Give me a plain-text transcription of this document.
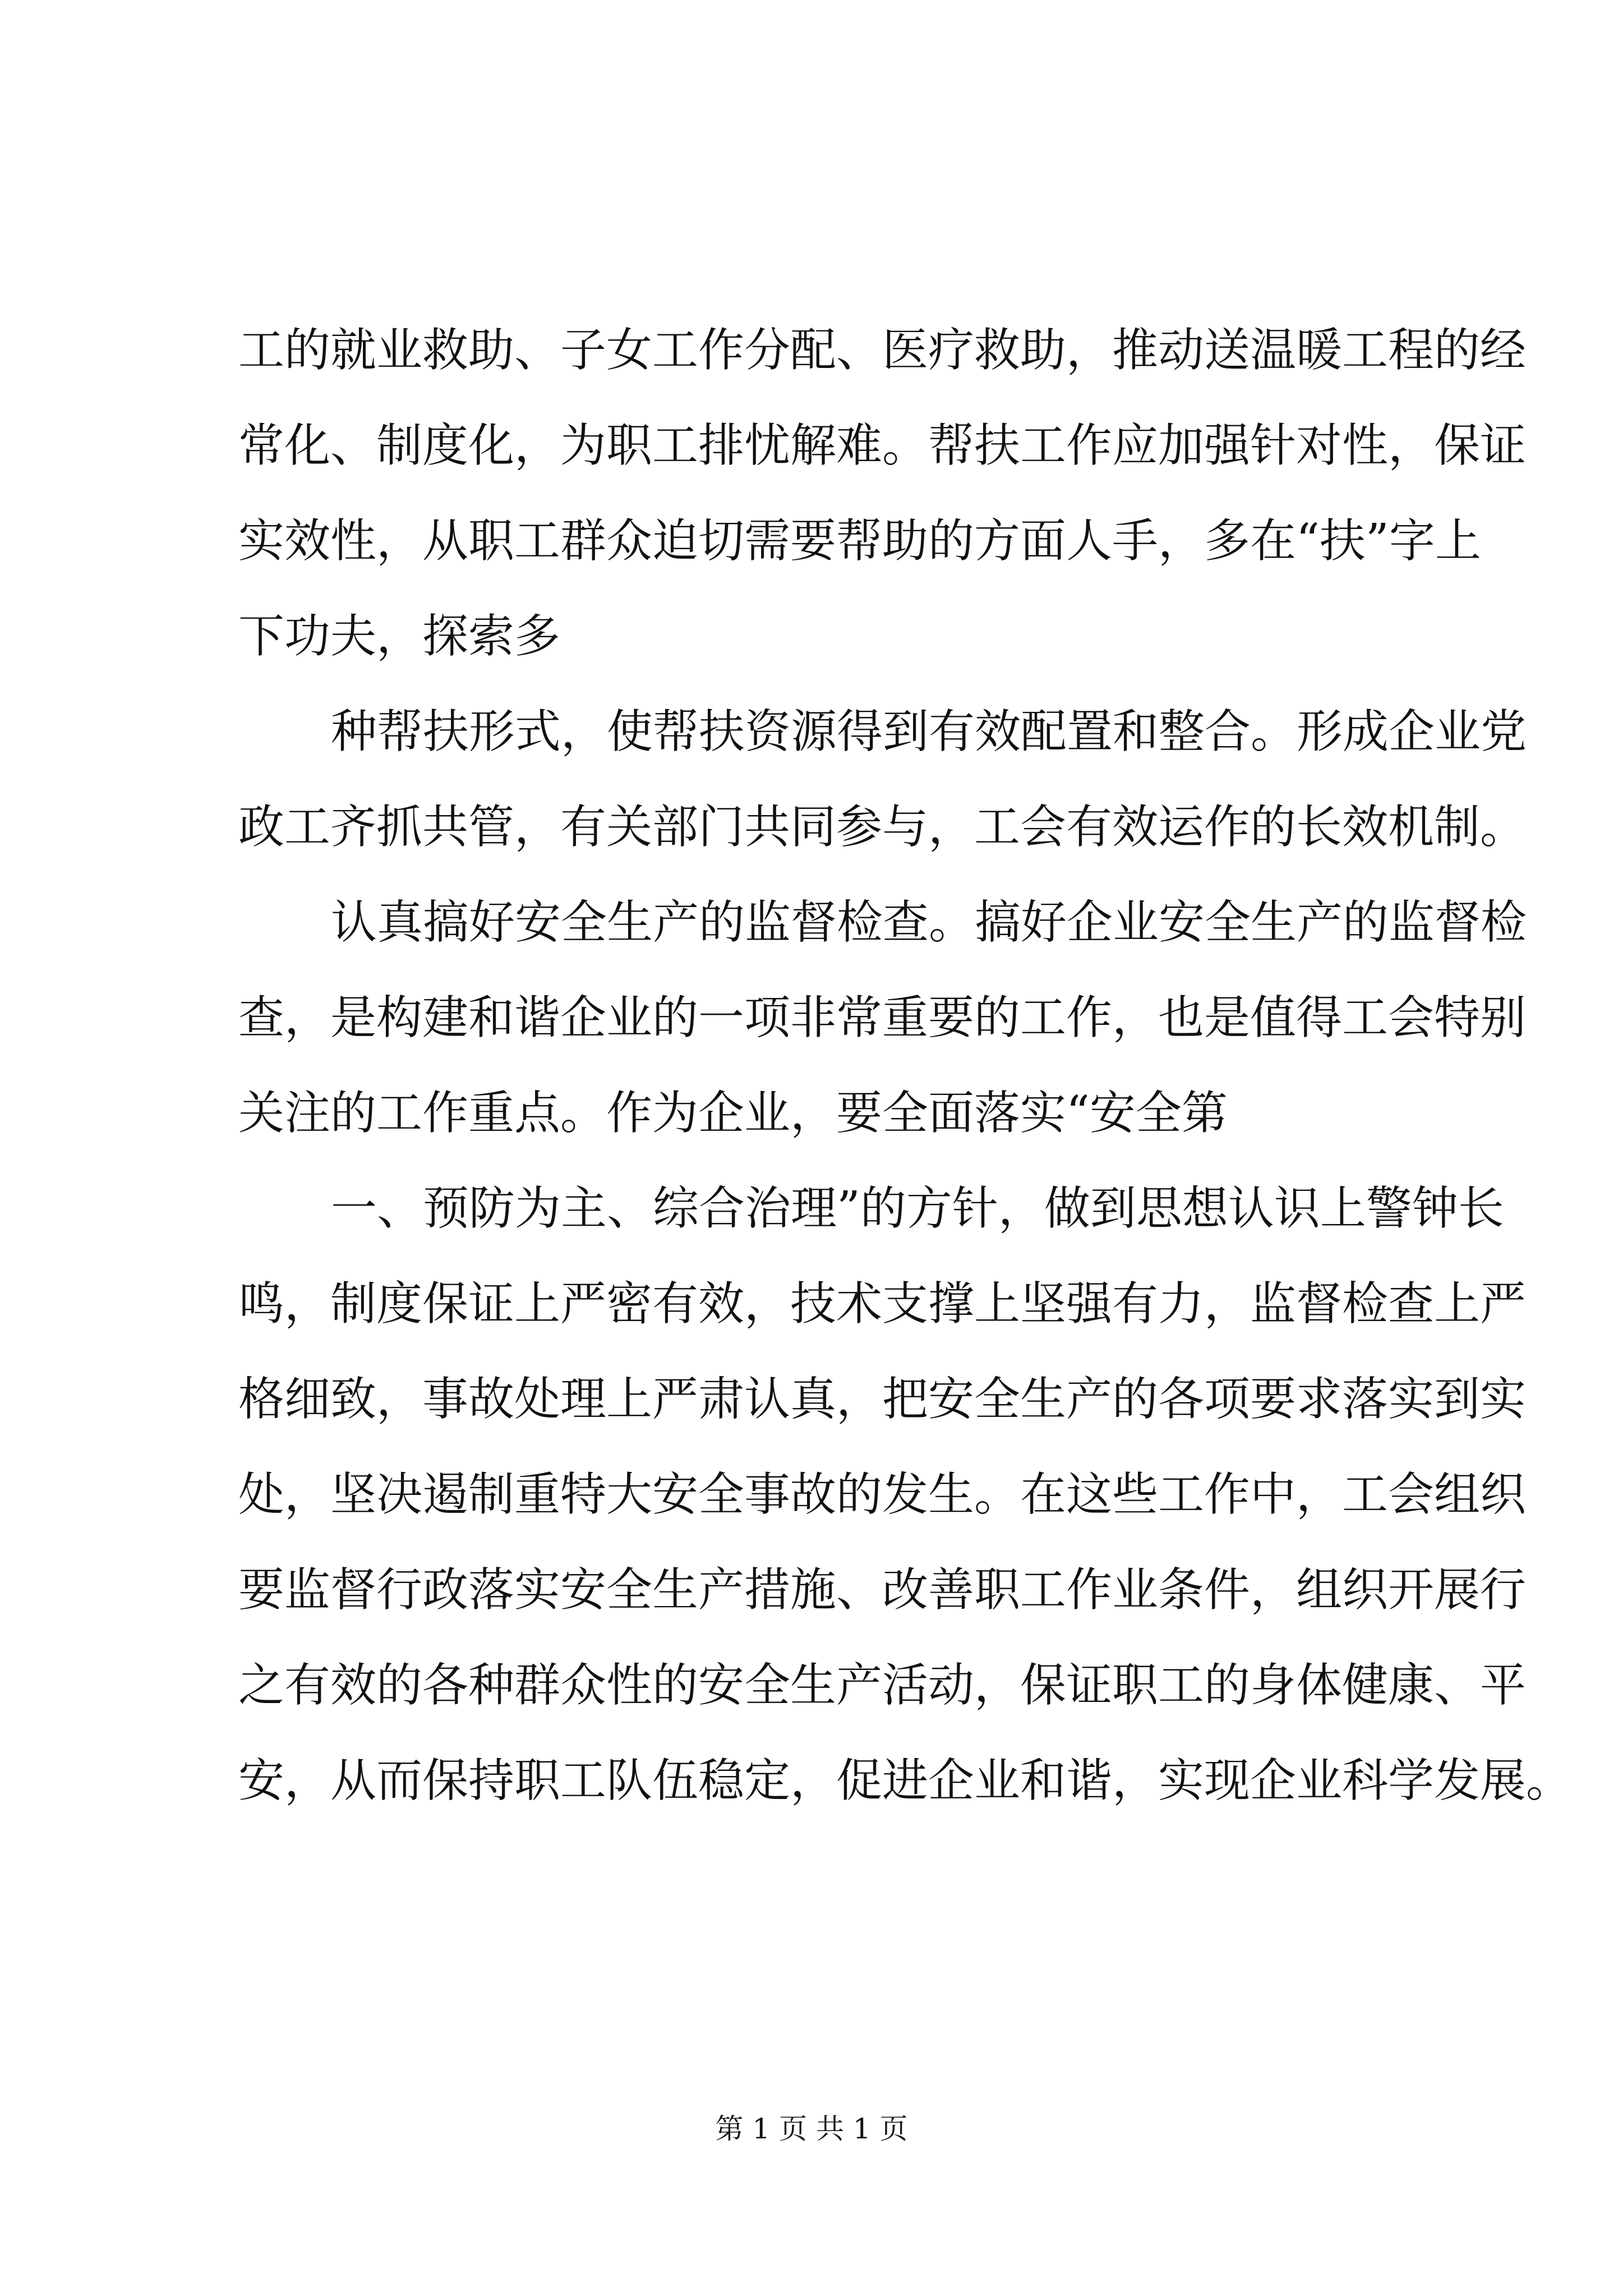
工的就业救助、子女工作分配、医疗救助，推动送温暖工程的经
常化、制度化，为职工排忧解难。帮扶工作应加强针对性，保证
实效性，从职工群众迫切需要帮助的方面人手，多在“扶”字上
下功夫，探索多
种帮扶形式，使帮扶资源得到有效配置和整合。形成企业党
政工齐抓共管，有关部门共同参与，工会有效运作的长效机制。
认真搞好安全生产的监督检查。搞好企业安全生产的监督检
查，是构建和谐企业的一项非常重要的工作，也是值得工会特别
关注的工作重点。作为企业，要全面落实“安全第
一、预防为主、综合治理”的方针，做到思想认识上警钟长
鸣，制度保证上严密有效，技术支撑上坚强有力，监督检查上严
格细致，事故处理上严肃认真，把安全生产的各项要求落实到实
处，坚决遏制重特大安全事故的发生。在这些工作中，工会组织
要监督行政落实安全生产措施、改善职工作业条件，组织开展行
之有效的各种群众性的安全生产活动，保证职工的身体健康、平
安，从而保持职工队伍稳定，促进企业和谐，实现企业科学发展。
第 1 页 共 1 页
